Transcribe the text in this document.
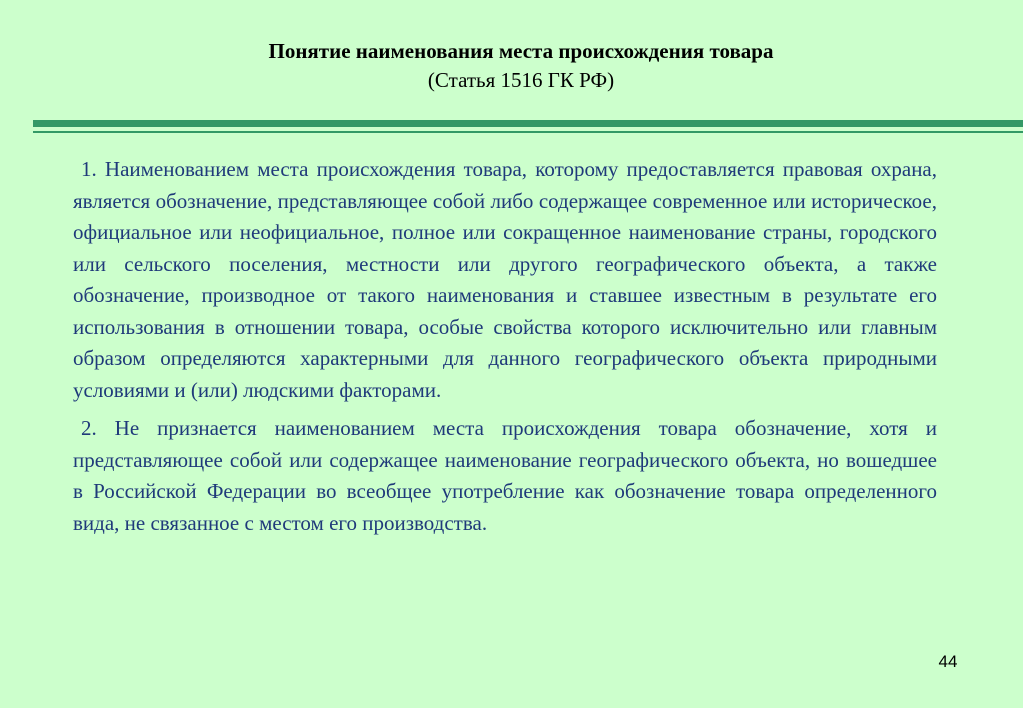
Понятие наименования места происхождения товара
(Статья 1516 ГК РФ)

1. Наименованием места происхождения товара, которому предоставляется правовая охрана, является обозначение, представляющее собой либо содержащее современное или историческое, официальное или неофициальное, полное или сокращенное наименование страны, городского или сельского поселения, местности или другого географического объекта, а также обозначение, производное от такого наименования и ставшее известным в результате его использования в отношении товара, особые свойства которого исключительно или главным образом определяются характерными для данного географического объекта природными условиями и (или) людскими факторами.

2. Не признается наименованием места происхождения товара обозначение, хотя и представляющее собой или содержащее наименование географического объекта, но вошедшее в Российской Федерации во всеобщее употребление как обозначение товара определенного вида, не связанное с местом его производства.

44
